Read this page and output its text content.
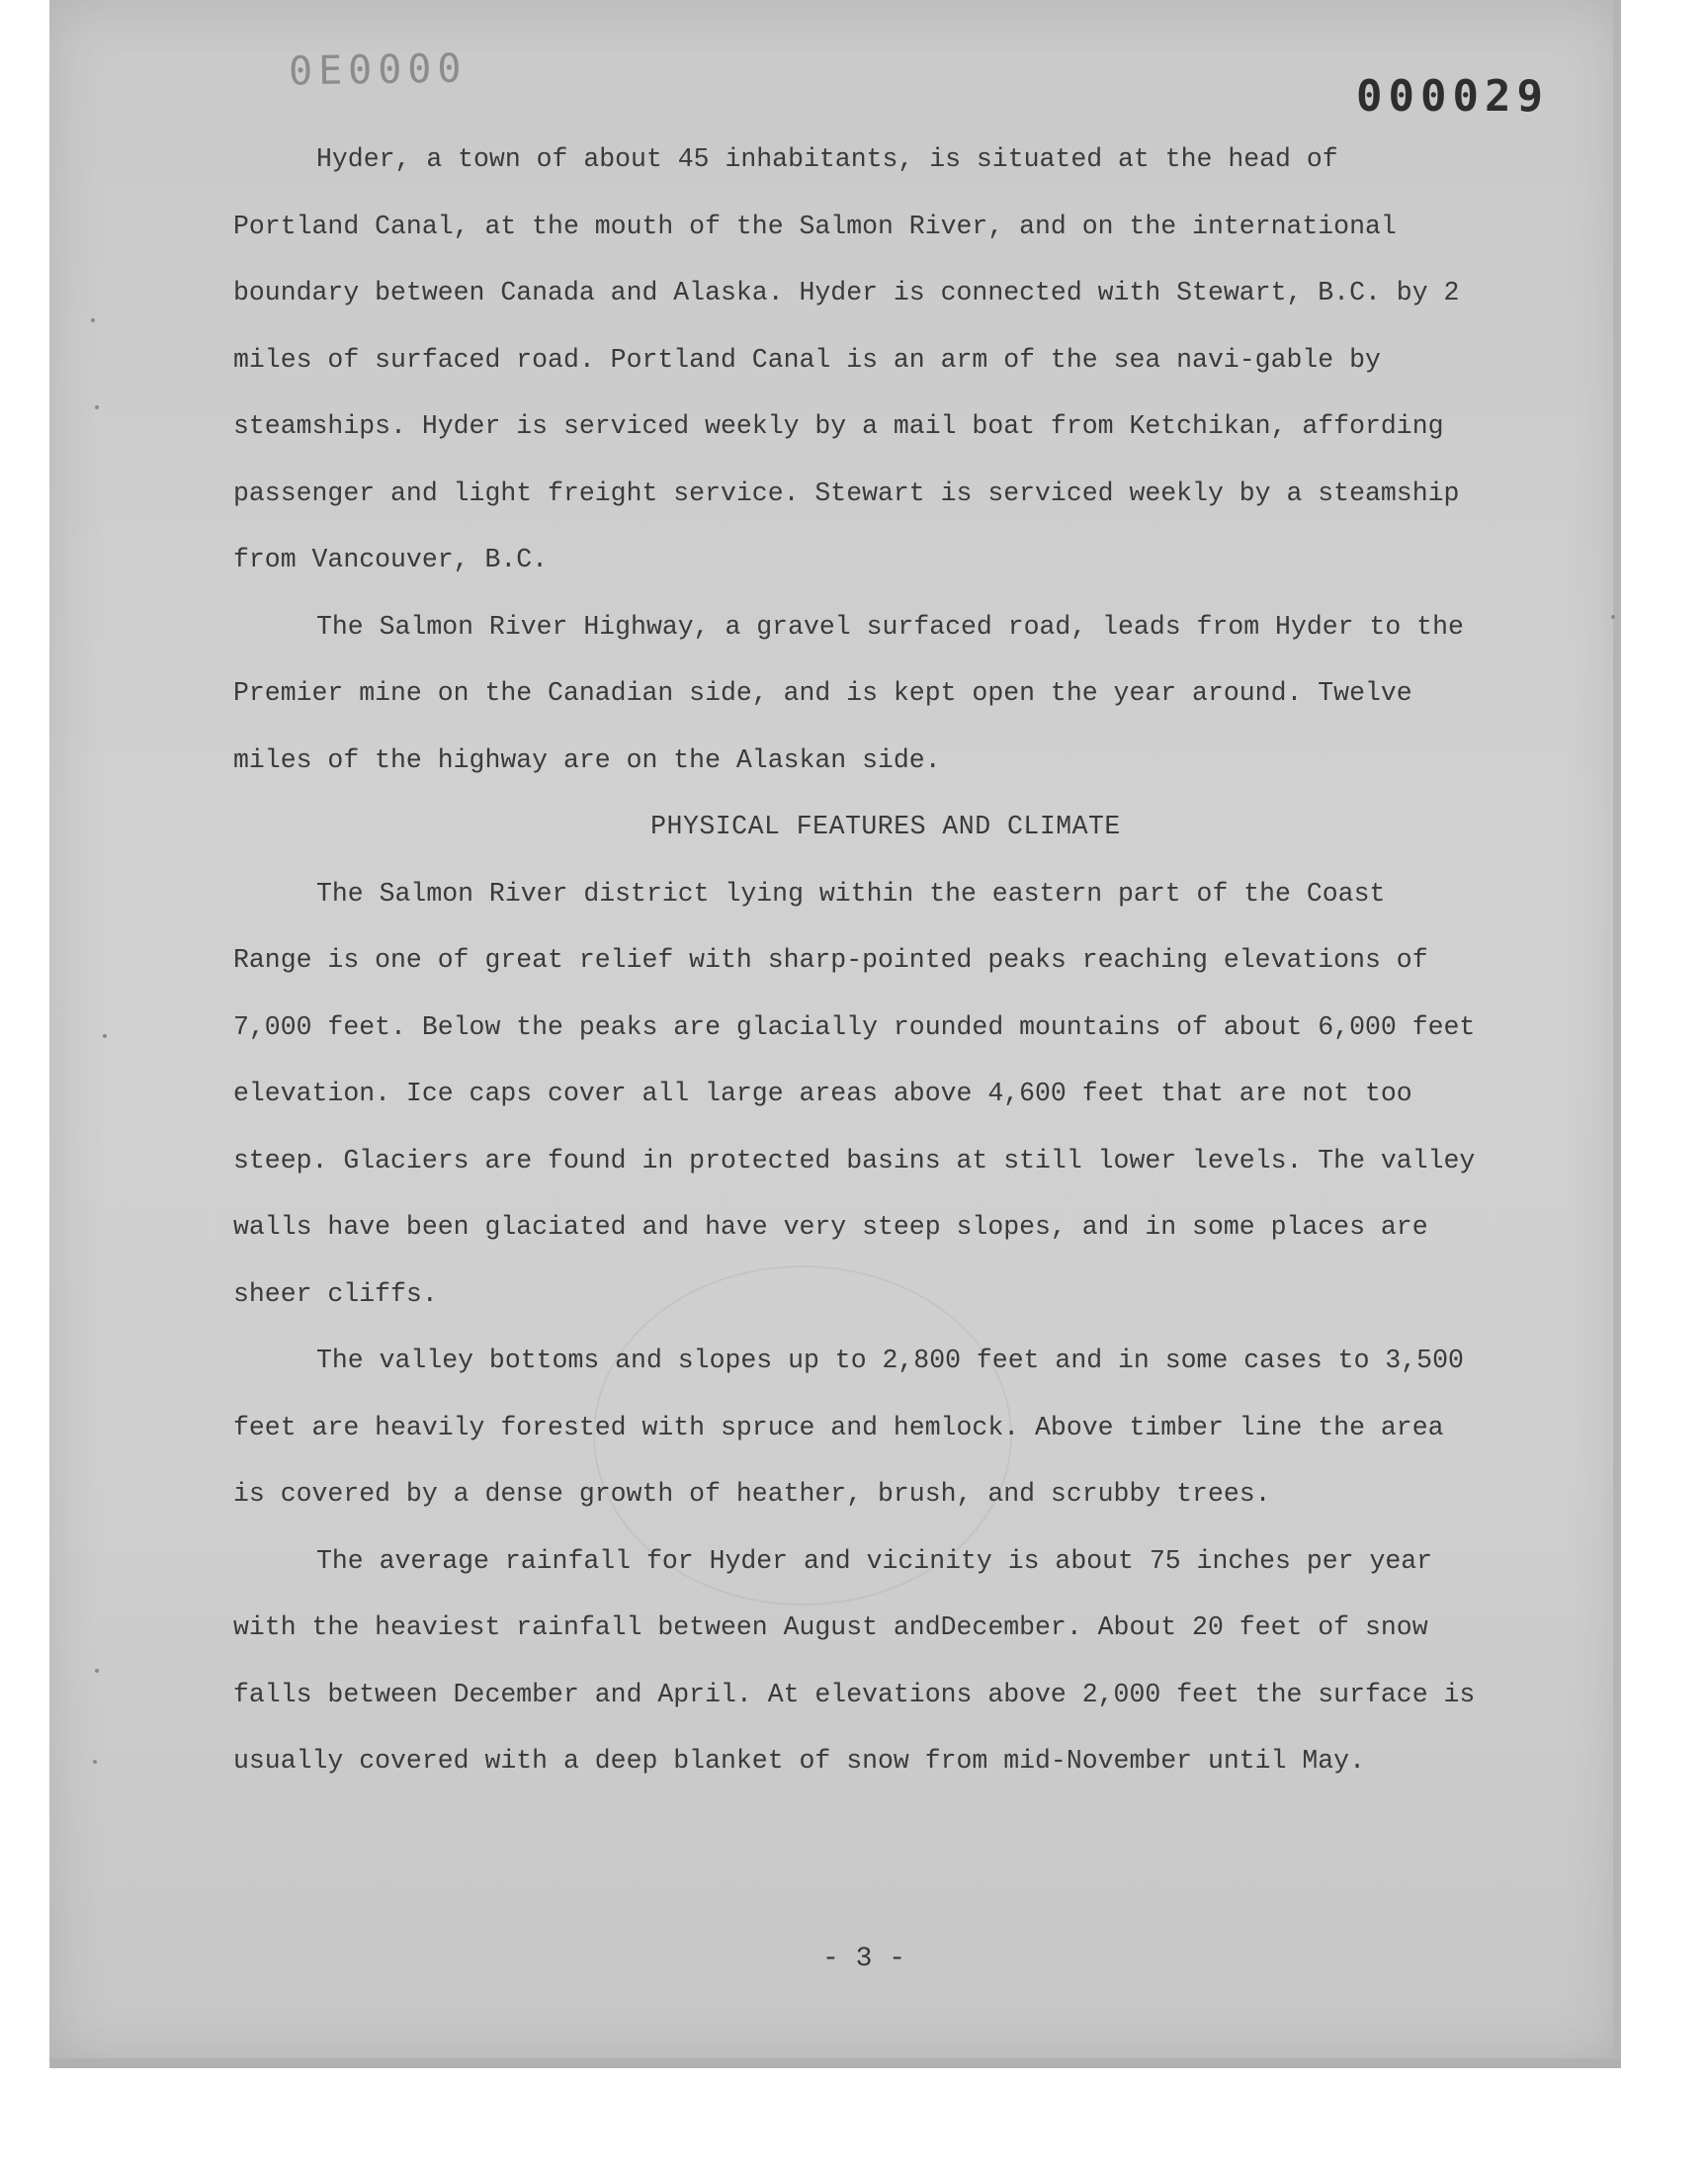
0E0000
000029

Hyder, a town of about 45 inhabitants, is situated at the head of Portland Canal, at the mouth of the Salmon River, and on the international boundary between Canada and Alaska. Hyder is connected with Stewart, B.C. by 2 miles of surfaced road. Portland Canal is an arm of the sea navi-gable by steamships. Hyder is serviced weekly by a mail boat from Ketchikan, affording passenger and light freight service. Stewart is serviced weekly by a steamship from Vancouver, B.C.

The Salmon River Highway, a gravel surfaced road, leads from Hyder to the Premier mine on the Canadian side, and is kept open the year around. Twelve miles of the highway are on the Alaskan side.

PHYSICAL FEATURES AND CLIMATE

The Salmon River district lying within the eastern part of the Coast Range is one of great relief with sharp-pointed peaks reaching elevations of 7,000 feet. Below the peaks are glacially rounded mountains of about 6,000 feet elevation. Ice caps cover all large areas above 4,600 feet that are not too steep. Glaciers are found in protected basins at still lower levels. The valley walls have been glaciated and have very steep slopes, and in some places are sheer cliffs.

The valley bottoms and slopes up to 2,800 feet and in some cases to 3,500 feet are heavily forested with spruce and hemlock. Above timber line the area is covered by a dense growth of heather, brush, and scrubby trees.

The average rainfall for Hyder and vicinity is about 75 inches per year with the heaviest rainfall between August andDecember. About 20 feet of snow falls between December and April. At elevations above 2,000 feet the surface is usually covered with a deep blanket of snow from mid-November until May.

- 3 -
